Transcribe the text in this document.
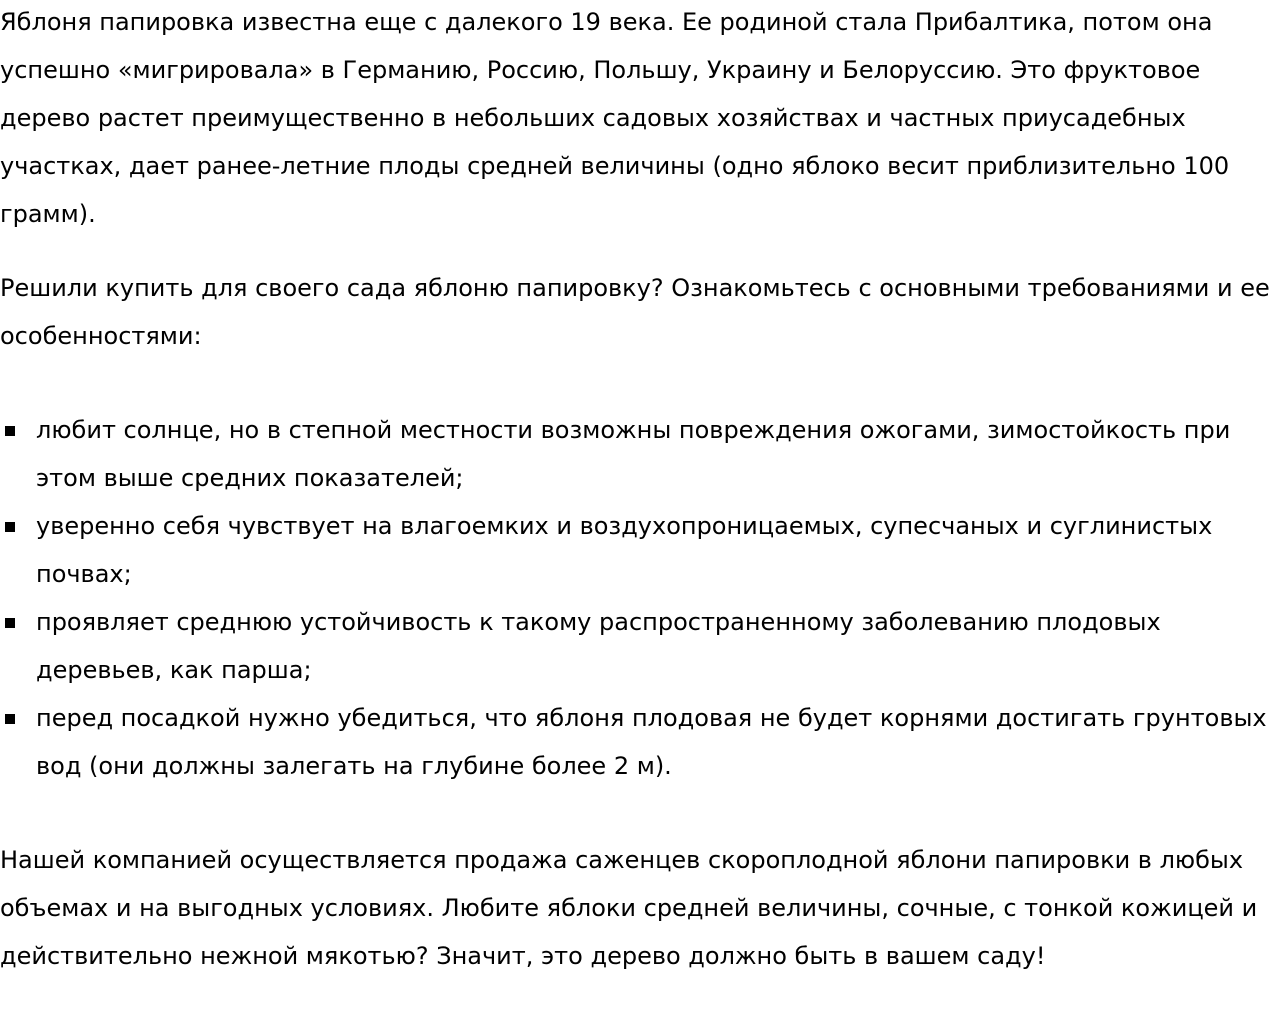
Яблоня папировка известна еще с далекого 19 века. Ее родиной стала Прибалтика, потом она успешно «мигрировала» в Германию, Россию, Польшу, Украину и Белоруссию. Это фруктовое дерево растет преимущественно в небольших садовых хозяйствах и частных приусадебных участках, дает ранее-летние плоды средней величины (одно яблоко весит приблизительно 100 грамм).

Решили купить для своего сада яблоню папировку? Ознакомьтесь с основными требованиями и ее особенностями:

любит солнце, но в степной местности возможны повреждения ожогами, зимостойкость при этом выше средних показателей;
уверенно себя чувствует на влагоемких и воздухопроницаемых, супесчаных и суглинистых почвах;
проявляет среднюю устойчивость к такому распространенному заболеванию плодовых деревьев, как парша;
перед посадкой нужно убедиться, что яблоня плодовая не будет корнями достигать грунтовых вод (они должны залегать на глубине более 2 м).

Нашей компанией осуществляется продажа саженцев скороплодной яблони папировки в любых объемах и на выгодных условиях. Любите яблоки средней величины, сочные, с тонкой кожицей и действительно нежной мякотью? Значит, это дерево должно быть в вашем саду!
